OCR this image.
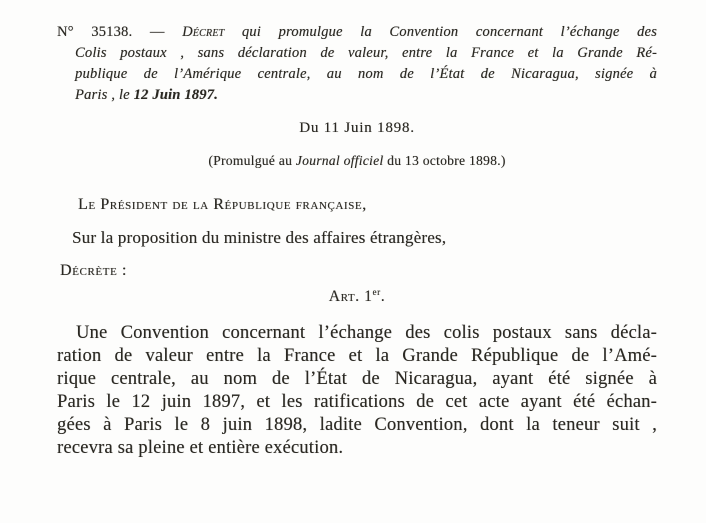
N° 35138. — Décret qui promulgue la Convention concernant l’échange des
Colis postaux , sans déclaration de valeur, entre la France et la Grande Ré-
publique de l’Amérique centrale, au nom de l’État de Nicaragua, signée à
Paris , le 12 Juin 1897.
Du 11 Juin 1898.
(Promulgué au Journal officiel du 13 octobre 1898.)
Le Président de la République française,
Sur la proposition du ministre des affaires étrangères,
Décrète :
Art. 1er.
Une Convention concernant l’échange des colis postaux sans décla-
ration de valeur entre la France et la Grande République de l’Amé-
rique centrale, au nom de l’État de Nicaragua, ayant été signée à
Paris le 12 juin 1897, et les ratifications de cet acte ayant été échan-
gées à Paris le 8 juin 1898, ladite Convention, dont la teneur suit ,
recevra sa pleine et entière exécution.
